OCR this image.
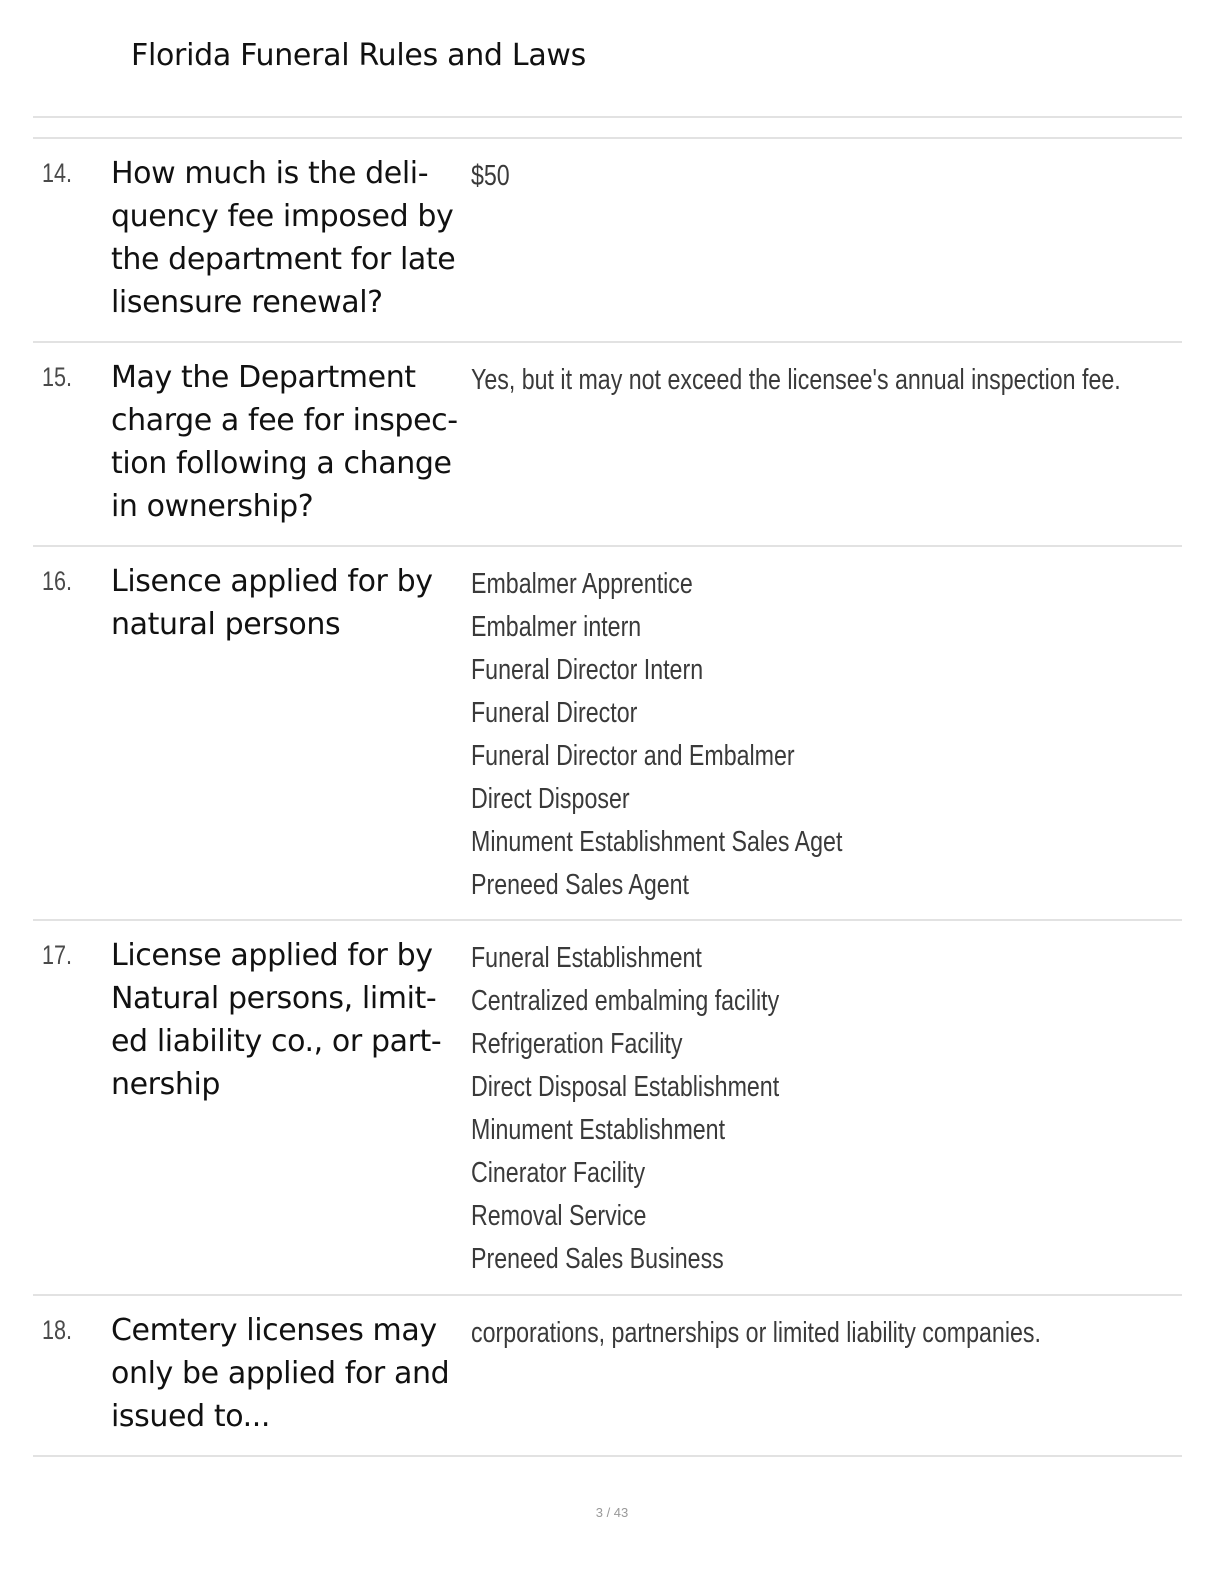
Florida Funeral Rules and Laws
14. How much is the deli-quency fee imposed by the department for late lisensure renewal?
$50
15. May the Department charge a fee for inspec-tion following a change in ownership?
Yes, but it may not exceed the licensee's annual inspection fee.
16. Lisence applied for by natural persons
Embalmer Apprentice
Embalmer intern
Funeral Director Intern
Funeral Director
Funeral Director and Embalmer
Direct Disposer
Minument Establishment Sales Aget
Preneed Sales Agent
17. License applied for by Natural persons, limit-ed liability co., or part-nership
Funeral Establishment
Centralized embalming facility
Refrigeration Facility
Direct Disposal Establishment
Minument Establishment
Cinerator Facility
Removal Service
Preneed Sales Business
18. Cemtery licenses may only be applied for and issued to...
corporations, partnerships or limited liability companies.
3 / 43
